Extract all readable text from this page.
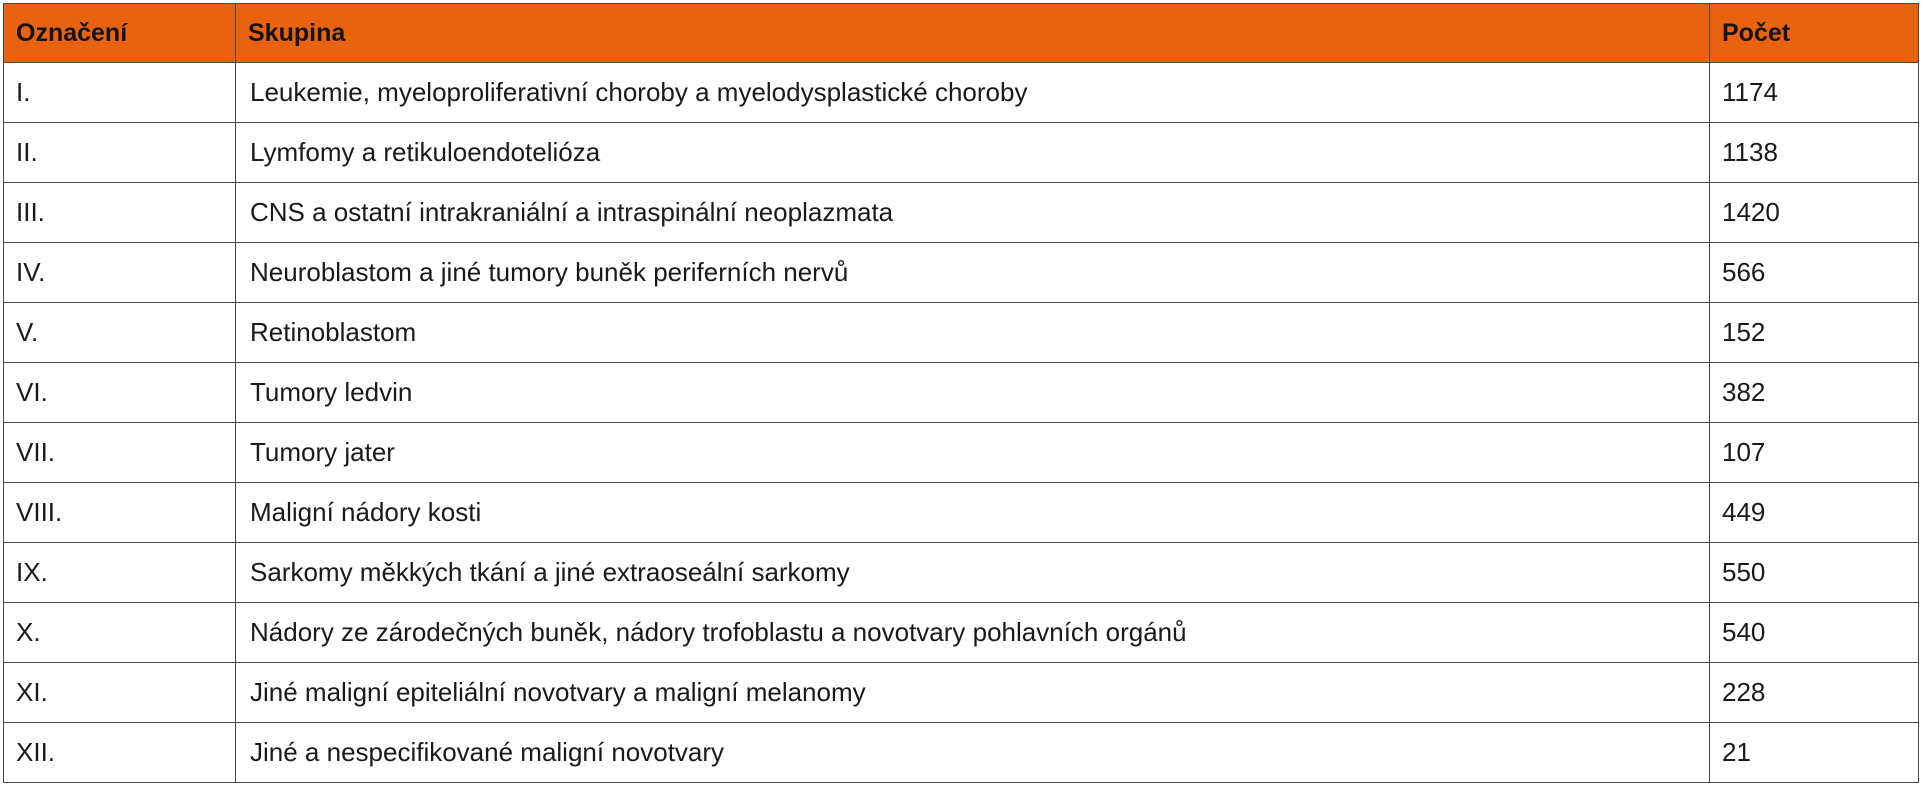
Označení	Skupina	Počet
I.	Leukemie, myeloproliferativní choroby a myelodysplastické choroby	1174
II.	Lymfomy a retikuloendotelióza	1138
III.	CNS a ostatní intrakraniální a intraspinální neoplazmata	1420
IV.	Neuroblastom a jiné tumory buněk periferních nervů	566
V.	Retinoblastom	152
VI.	Tumory ledvin	382
VII.	Tumory jater	107
VIII.	Maligní nádory kosti	449
IX.	Sarkomy měkkých tkání a jiné extraoseální sarkomy	550
X.	Nádory ze zárodečných buněk, nádory trofoblastu a novotvary pohlavních orgánů	540
XI.	Jiné maligní epiteliální novotvary a maligní melanomy	228
XII.	Jiné a nespecifikované maligní novotvary	21
